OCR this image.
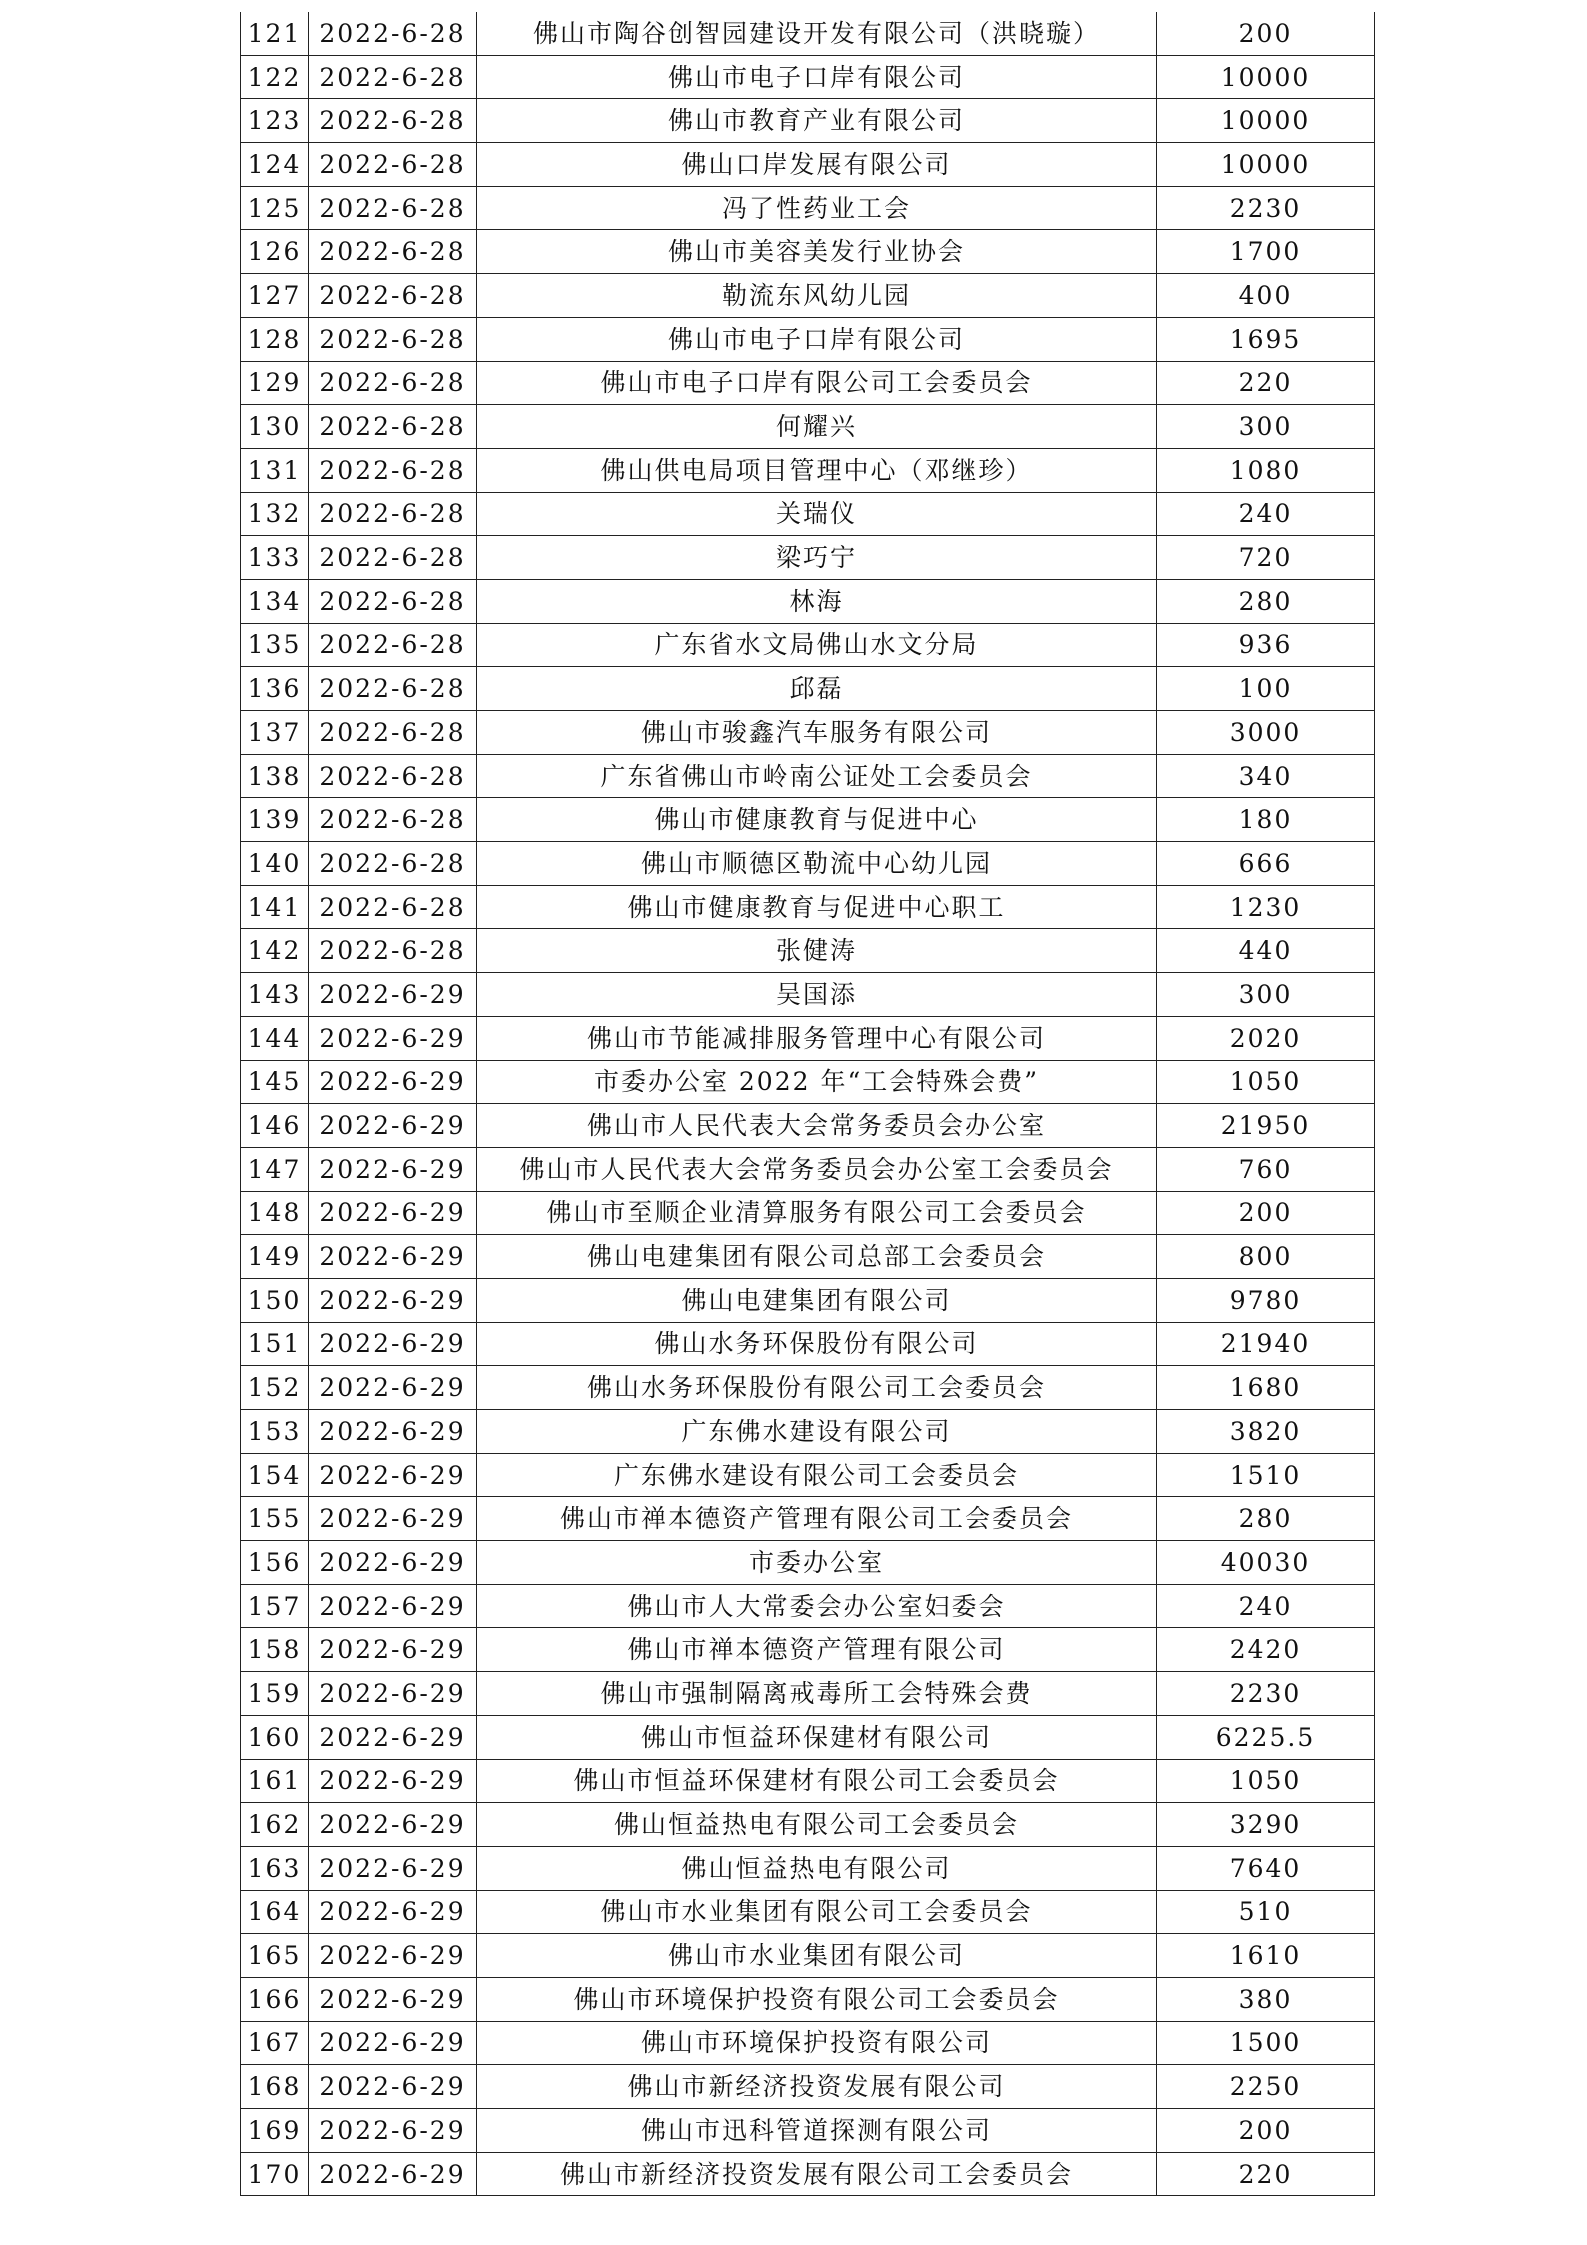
121	2022-6-28	佛山市陶谷创智园建设开发有限公司（洪晓璇）	200
122	2022-6-28	佛山市电子口岸有限公司	10000
123	2022-6-28	佛山市教育产业有限公司	10000
124	2022-6-28	佛山口岸发展有限公司	10000
125	2022-6-28	冯了性药业工会	2230
126	2022-6-28	佛山市美容美发行业协会	1700
127	2022-6-28	勒流东风幼儿园	400
128	2022-6-28	佛山市电子口岸有限公司	1695
129	2022-6-28	佛山市电子口岸有限公司工会委员会	220
130	2022-6-28	何耀兴	300
131	2022-6-28	佛山供电局项目管理中心（邓继珍）	1080
132	2022-6-28	关瑞仪	240
133	2022-6-28	梁巧宁	720
134	2022-6-28	林海	280
135	2022-6-28	广东省水文局佛山水文分局	936
136	2022-6-28	邱磊	100
137	2022-6-28	佛山市骏鑫汽车服务有限公司	3000
138	2022-6-28	广东省佛山市岭南公证处工会委员会	340
139	2022-6-28	佛山市健康教育与促进中心	180
140	2022-6-28	佛山市顺德区勒流中心幼儿园	666
141	2022-6-28	佛山市健康教育与促进中心职工	1230
142	2022-6-28	张健涛	440
143	2022-6-29	吴国添	300
144	2022-6-29	佛山市节能减排服务管理中心有限公司	2020
145	2022-6-29	市委办公室 2022 年“工会特殊会费”	1050
146	2022-6-29	佛山市人民代表大会常务委员会办公室	21950
147	2022-6-29	佛山市人民代表大会常务委员会办公室工会委员会	760
148	2022-6-29	佛山市至顺企业清算服务有限公司工会委员会	200
149	2022-6-29	佛山电建集团有限公司总部工会委员会	800
150	2022-6-29	佛山电建集团有限公司	9780
151	2022-6-29	佛山水务环保股份有限公司	21940
152	2022-6-29	佛山水务环保股份有限公司工会委员会	1680
153	2022-6-29	广东佛水建设有限公司	3820
154	2022-6-29	广东佛水建设有限公司工会委员会	1510
155	2022-6-29	佛山市禅本德资产管理有限公司工会委员会	280
156	2022-6-29	市委办公室	40030
157	2022-6-29	佛山市人大常委会办公室妇委会	240
158	2022-6-29	佛山市禅本德资产管理有限公司	2420
159	2022-6-29	佛山市强制隔离戒毒所工会特殊会费	2230
160	2022-6-29	佛山市恒益环保建材有限公司	6225.5
161	2022-6-29	佛山市恒益环保建材有限公司工会委员会	1050
162	2022-6-29	佛山恒益热电有限公司工会委员会	3290
163	2022-6-29	佛山恒益热电有限公司	7640
164	2022-6-29	佛山市水业集团有限公司工会委员会	510
165	2022-6-29	佛山市水业集团有限公司	1610
166	2022-6-29	佛山市环境保护投资有限公司工会委员会	380
167	2022-6-29	佛山市环境保护投资有限公司	1500
168	2022-6-29	佛山市新经济投资发展有限公司	2250
169	2022-6-29	佛山市迅科管道探测有限公司	200
170	2022-6-29	佛山市新经济投资发展有限公司工会委员会	220
